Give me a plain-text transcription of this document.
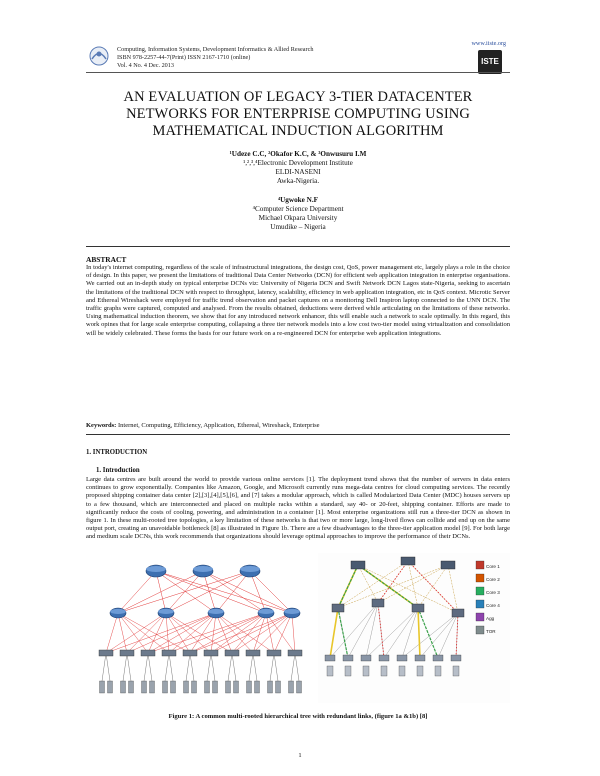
Computing, Information Systems, Development Informatics & Allied Research
ISBN 978-2257-44-7(Print) ISSN 2167-1710 (online)
Vol. 4 No. 4 Dec. 2013
www.iiste.org
ISTE
AN EVALUATION OF LEGACY 3-TIER DATACENTER
NETWORKS FOR ENTERPRISE COMPUTING USING
MATHEMATICAL INDUCTION ALGORITHM
¹Udeze C.C, ²Okafor K.C, & ³Onwusuru I.M
¹,²,³,⁴Electronic Development Institute
ELDI-NASENI
Awka-Nigeria.
⁴Ugwoke N.F
⁴Computer Science Department
Michael Okpara University
Umudike – Nigeria
ABSTRACT
In today's internet computing, regardless of the scale of infrastructural integrations, the design cost, QoS, power management etc, largely plays a role in the choice of design. In this paper, we present the limitations of traditional Data Center Networks (DCN) for efficient web application integration in enterprise organisations. We carried out an in-depth study on typical enterprise DCNs viz: University of Nigeria DCN and Swift Network DCN Lagos state-Nigeria, seeking to ascertain the limitations of the traditional DCN with respect to throughput, latency, scalability, efficiency in web application integration, etc in QoS context. Microtic Server and Ethereal Wireshack were employed for traffic trend observation and packet captures on a monitoring Dell Inspiron laptop connected to the UNN DCN. The traffic graphs were captured, computed and analysed. From the results obtained, deductions were derived while articulating on the limitations of these networks. Using mathematical induction theorem, we show that for any introduced network enhancer, this will enable such a network to scale optimally. In this regard, this work opines that for large scale enterprise computing, collapsing a three tier network models into a low cost two-tier model using virtualization and consolidation will be widely celebrated. These forms the basis for our future work on a re-engineered DCN for enterprise web application integrations.
Keywords: Internet, Computing, Efficiency, Application, Ethereal, Wireshack, Enterprise
1. INTRODUCTION
1. Introduction
Large data centres are built around the world to provide various online services [1]. The deployment trend shows that the number of servers in data enters continues to grow exponentially. Companies like Amazon, Google, and Microsoft currently runs mega-data centres for cloud computing services. The recently proposed shipping container data center [2],[3],[4],[5],[6], and [7] takes a modular approach, which is called Modularized Data Center (MDC) houses servers up to a few thousand, which are interconnected and placed on multiple racks within a standard, say 40- or 20-feet, shipping container. Efforts are made to significantly reduce the costs of cooling, powering, and administration in a container [1]. Most enterprise organizations still run a three-tier DCN as shown in figure 1. In these multi-rooted tree topologies, a key limitation of these networks is that two or more large, long-lived flows can collide and end up on the same output port, creating an unavoidable bottleneck [8] as illustrated in Figure 1b. There are a few disadvantages to the three-tier application model [9]. For both large and medium scale DCNs, this work recommends that organizations should leverage optimal approaches to improve the performance of their DCNs.
Core 1
Core 2
Core 3
Core 4
Agg
TOR
Figure 1: A common multi-rooted hierarchical tree with redundant links, (figure 1a &1b) [8]
1
